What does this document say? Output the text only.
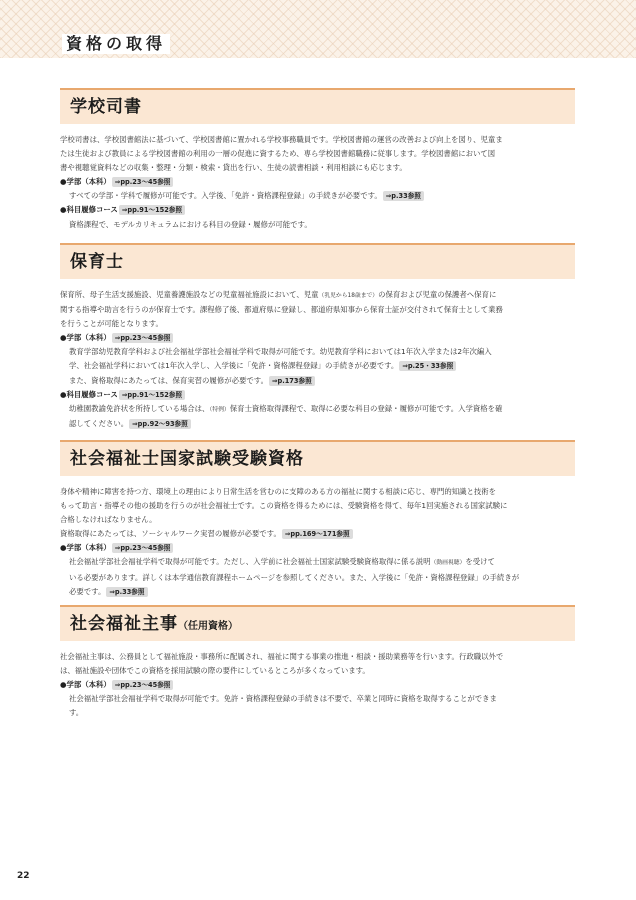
資格の取得
学校司書

学校司書は、学校図書館法に基づいて、学校図書館に置かれる学校事務職員です。学校図書館の運営の改善および向上を図り、児童ま

たは生徒および教員による学校図書館の利用の一層の促進に資するため、専ら学校図書館職務に従事します。学校図書館において図

書や視聴覚資料などの収集・整理・分類・検索・貸出を行い、生徒の読書相談・利用相談にも応じます。

●学部（本科） ⇒pp.23～45参照

すべての学部・学科で履修が可能です。入学後、「免許・資格課程登録」の手続きが必要です。 ⇒p.33参照

●科目履修コース ⇒pp.91～152参照

資格課程で、モデルカリキュラムにおける科目の登録・履修が可能です。

保育士

保育所、母子生活支援施設、児童養護施設などの児童福祉施設において、児童（乳児から18歳まで）の保育および児童の保護者へ保育に

関する指導や助言を行うのが保育士です。課程修了後、都道府県に登録し、都道府県知事から保育士証が交付されて保育士として業務

を行うことが可能となります。

●学部（本科） ⇒pp.23～45参照

教育学部幼児教育学科および社会福祉学部社会福祉学科で取得が可能です。幼児教育学科においては1年次入学または2年次編入

学、社会福祉学科においては1年次入学し、入学後に「免許・資格課程登録」の手続きが必要です。 ⇒p.25・33参照

また、資格取得にあたっては、保育実習の履修が必要です。 ⇒p.173参照

●科目履修コース ⇒pp.91～152参照

幼稚園教諭免許状を所持している場合は、（特例）保育士資格取得課程で、取得に必要な科目の登録・履修が可能です。入学資格を確

認してください。 ⇒pp.92～93参照

社会福祉士国家試験受験資格

身体や精神に障害を持つ方、環境上の理由により日常生活を営むのに支障のある方の福祉に関する相談に応じ、専門的知識と技術を

もって助言・指導その他の援助を行うのが社会福祉士です。この資格を得るためには、受験資格を得て、毎年1回実施される国家試験に

合格しなければなりません。

資格取得にあたっては、ソーシャルワーク実習の履修が必要です。 ⇒pp.169～171参照

●学部（本科） ⇒pp.23～45参照

社会福祉学部社会福祉学科で取得が可能です。ただし、入学前に社会福祉士国家試験受験資格取得に係る説明（動画視聴）を受けて

いる必要があります。詳しくは本学通信教育課程ホームページを参照してください。また、入学後に「免許・資格課程登録」の手続きが

必要です。 ⇒p.33参照

社会福祉主事（任用資格）

社会福祉主事は、公務員として福祉施設・事務所に配属され、福祉に関する事業の推進・相談・援助業務等を行います。行政職以外で

は、福祉施設や団体でこの資格を採用試験の際の要件にしているところが多くなっています。

●学部（本科） ⇒pp.23～45参照

社会福祉学部社会福祉学科で取得が可能です。免許・資格課程登録の手続きは不要で、卒業と同時に資格を取得することができま

す。

22
